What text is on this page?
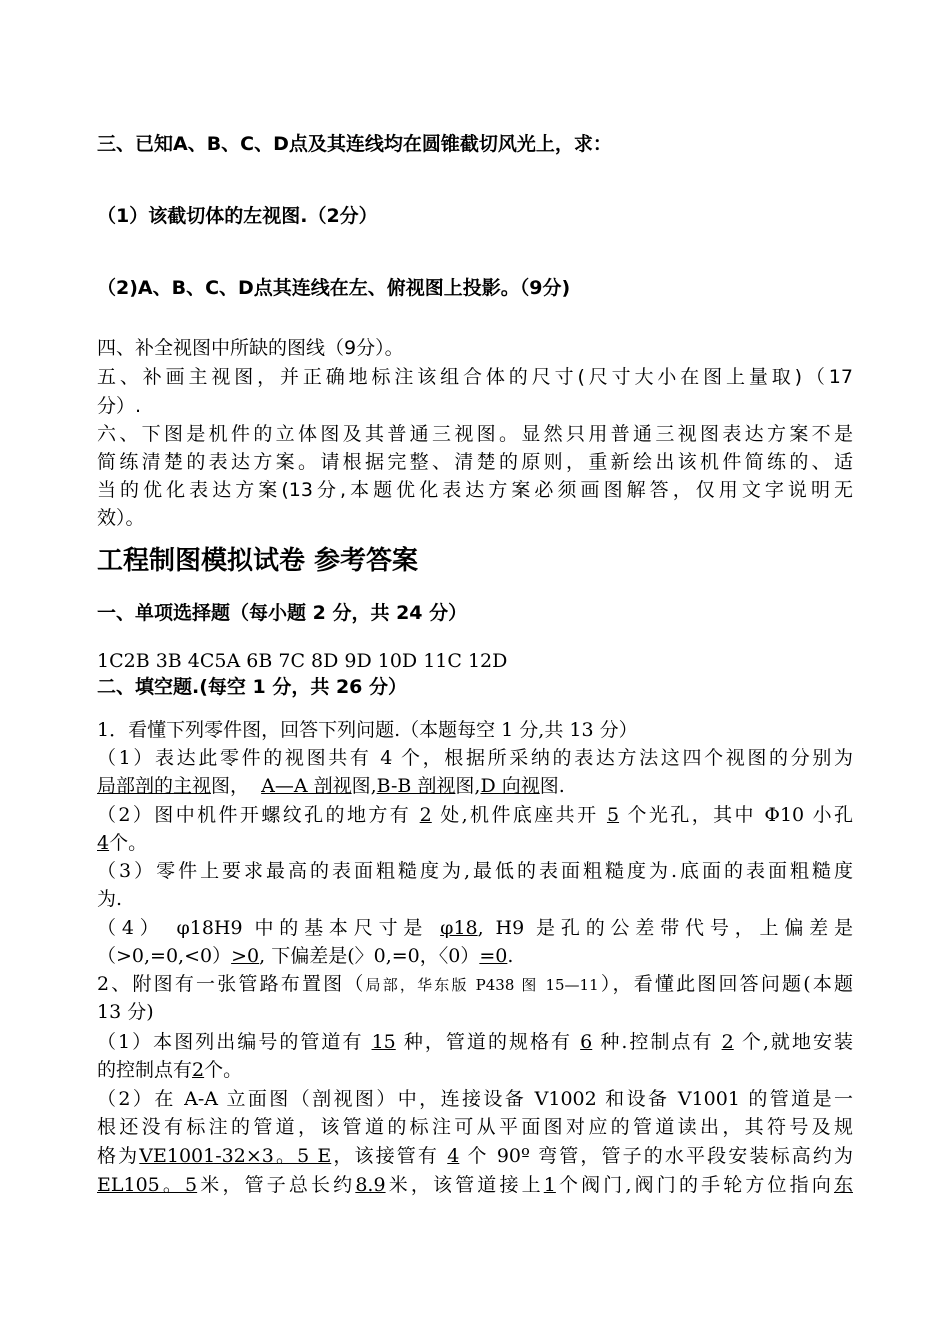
三、已知A、B、C、D点及其连线均在圆锥截切风光上，求：
（1）该截切体的左视图.（2分）
（2)A、B、C、D点其连线在左、俯视图上投影。（9分)
四、补全视图中所缺的图线（9分）。
五、补画主视图，并正确地标注该组合体的尺寸(尺寸大小在图上量取)（17
分）.
六、下图是机件的立体图及其普通三视图。显然只用普通三视图表达方案不是
简练清楚的表达方案。请根据完整、清楚的原则，重新绘出该机件简练的、适
当的优化表达方案(13分,本题优化表达方案必须画图解答，仅用文字说明无
效）。
工程制图模拟试卷 参考答案
一、单项选择题（每小题 2 分，共 24 分）
1C2B 3B 4C5A 6B 7C 8D 9D 10D 11C 12D
二、填空题.(每空 1 分，共 26 分）
1．看懂下列零件图，回答下列问题.（本题每空 1 分,共 13 分）
（1）表达此零件的视图共有 4 个，根据所采纳的表达方法这四个视图的分别为
局部剖的主视图， A—A 剖视图,B-B 剖视图,D 向视图.
（2）图中机件开螺纹孔的地方有 2 处,机件底座共开 5 个光孔，其中 Φ10 小孔
4个。
（3）零件上要求最高的表面粗糙度为,最低的表面粗糙度为.底面的表面粗糙度
为.
（4） φ18H9 中的基本尺寸是 φ18, H9 是孔的公差带代号，上偏差是
（>0,=0,<0）>0, 下偏差是(〉0,=0，〈0）=0.
2、附图有一张管路布置图（局部，华东版 P438 图 15—11），看懂此图回答问题(本题
13 分)
（1）本图列出编号的管道有 15 种，管道的规格有 6 种.控制点有 2 个,就地安装
的控制点有2个。
（2）在 A-A 立面图（剖视图）中，连接设备 V1002 和设备 V1001 的管道是一
根还没有标注的管道，该管道的标注可从平面图对应的管道读出，其符号及规
格为VE1001-32×3。5 E，该接管有 4 个 90º 弯管，管子的水平段安装标高约为
EL105。5米，管子总长约8.9米，该管道接上1个阀门,阀门的手轮方位指向东
